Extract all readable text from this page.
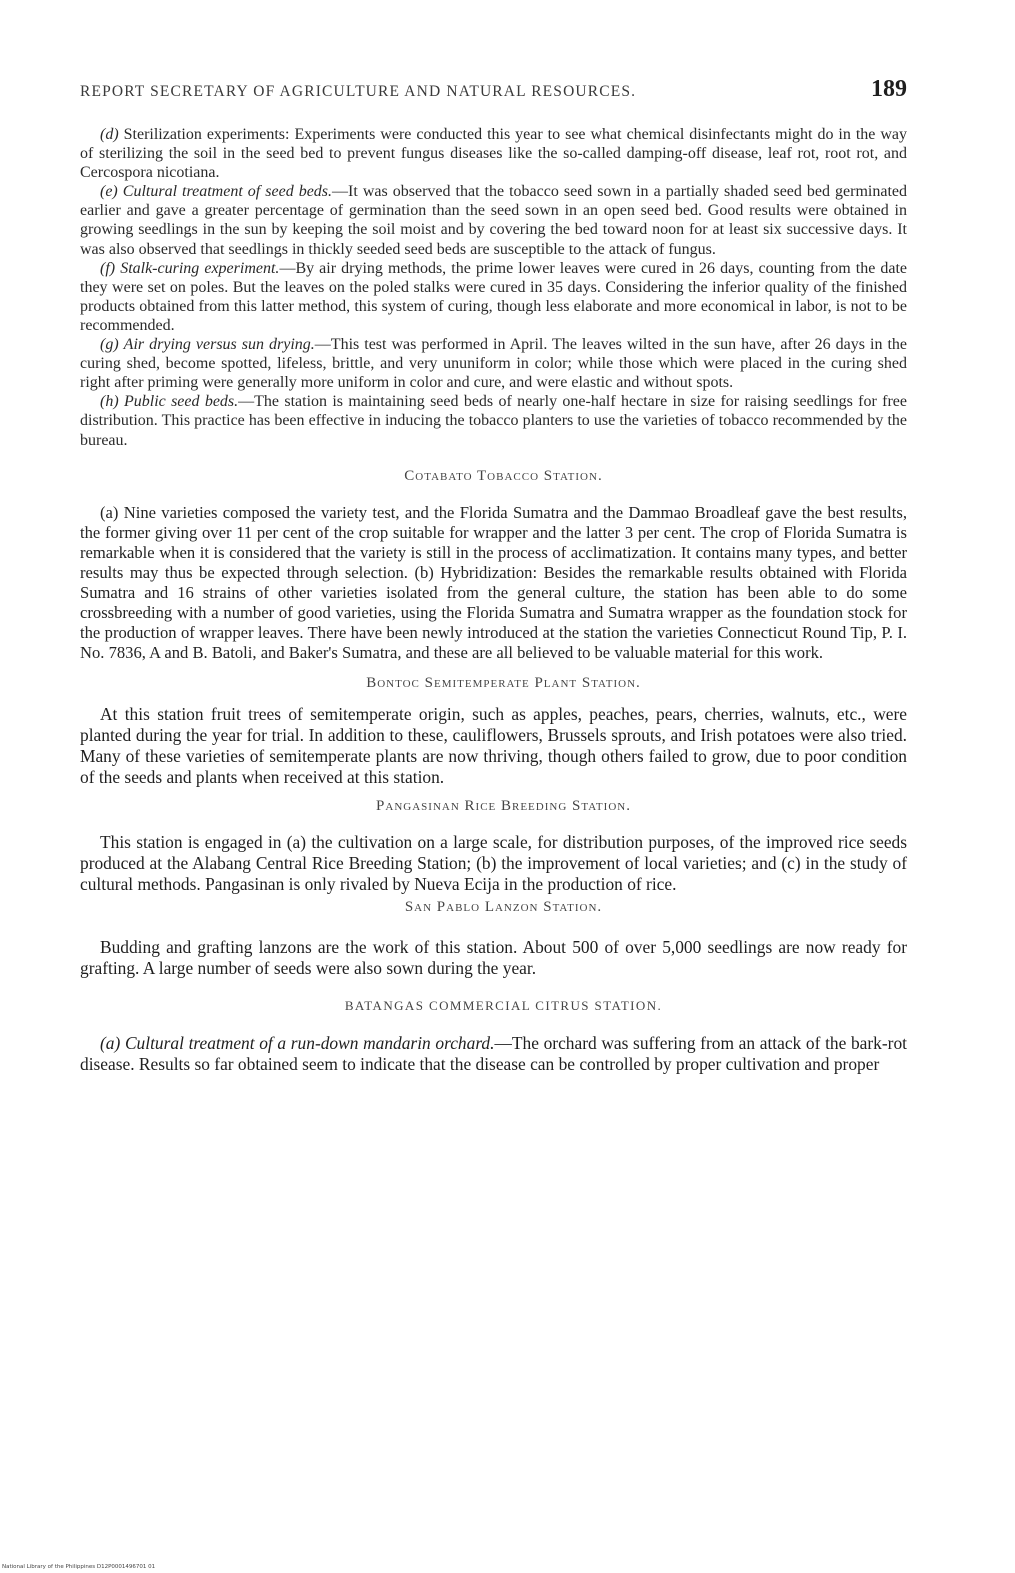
REPORT SECRETARY OF AGRICULTURE AND NATURAL RESOURCES.	189

(d) Sterilization experiments: Experiments were conducted this year to see what chemical disinfectants might do in the way of sterilizing the soil in the seed bed to prevent fungus diseases like the so-called damping-off disease, leaf rot, root rot, and Cercospora nicotiana.

(e) Cultural treatment of seed beds.—It was observed that the tobacco seed sown in a partially shaded seed bed germinated earlier and gave a greater percentage of germination than the seed sown in an open seed bed. Good results were obtained in growing seedlings in the sun by keeping the soil moist and by covering the bed toward noon for at least six successive days. It was also observed that seedlings in thickly seeded seed beds are susceptible to the attack of fungus.

(f) Stalk-curing experiment.—By air drying methods, the prime lower leaves were cured in 26 days, counting from the date they were set on poles. But the leaves on the poled stalks were cured in 35 days. Considering the inferior quality of the finished products obtained from this latter method, this system of curing, though less elaborate and more economical in labor, is not to be recommended.

(g) Air drying versus sun drying.—This test was performed in April. The leaves wilted in the sun have, after 26 days in the curing shed, become spotted, lifeless, brittle, and very ununiform in color; while those which were placed in the curing shed right after priming were generally more uniform in color and cure, and were elastic and without spots.

(h) Public seed beds.—The station is maintaining seed beds of nearly one-half hectare in size for raising seedlings for free distribution. This practice has been effective in inducing the tobacco planters to use the varieties of tobacco recommended by the bureau.

Cotabato Tobacco Station.

(a) Nine varieties composed the variety test, and the Florida Sumatra and the Dammao Broadleaf gave the best results, the former giving over 11 per cent of the crop suitable for wrapper and the latter 3 per cent. The crop of Florida Sumatra is remarkable when it is considered that the variety is still in the process of acclimatization. It contains many types, and better results may thus be expected through selection. (b) Hybridization: Besides the remarkable results obtained with Florida Sumatra and 16 strains of other varieties isolated from the general culture, the station has been able to do some crossbreeding with a number of good varieties, using the Florida Sumatra and Sumatra wrapper as the foundation stock for the production of wrapper leaves. There have been newly introduced at the station the varieties Connecticut Round Tip, P. I. No. 7836, A and B. Batoli, and Baker's Sumatra, and these are all believed to be valuable material for this work.

Bontoc Semitemperate Plant Station.

At this station fruit trees of semitemperate origin, such as apples, peaches, pears, cherries, walnuts, etc., were planted during the year for trial. In addition to these, cauliflowers, Brussels sprouts, and Irish potatoes were also tried. Many of these varieties of semitemperate plants are now thriving, though others failed to grow, due to poor condition of the seeds and plants when received at this station.

Pangasinan Rice Breeding Station.

This station is engaged in (a) the cultivation on a large scale, for distribution purposes, of the improved rice seeds produced at the Alabang Central Rice Breeding Station; (b) the improvement of local varieties; and (c) in the study of cultural methods. Pangasinan is only rivaled by Nueva Ecija in the production of rice.

San Pablo Lanzon Station.

Budding and grafting lanzons are the work of this station. About 500 of over 5,000 seedlings are now ready for grafting. A large number of seeds were also sown during the year.

BATANGAS COMMERCIAL CITRUS STATION.

(a) Cultural treatment of a run-down mandarin orchard.—The orchard was suffering from an attack of the bark-rot disease. Results so far obtained seem to indicate that the disease can be controlled by proper cultivation and proper

National Library of the Philippines D12P0001496701 01
